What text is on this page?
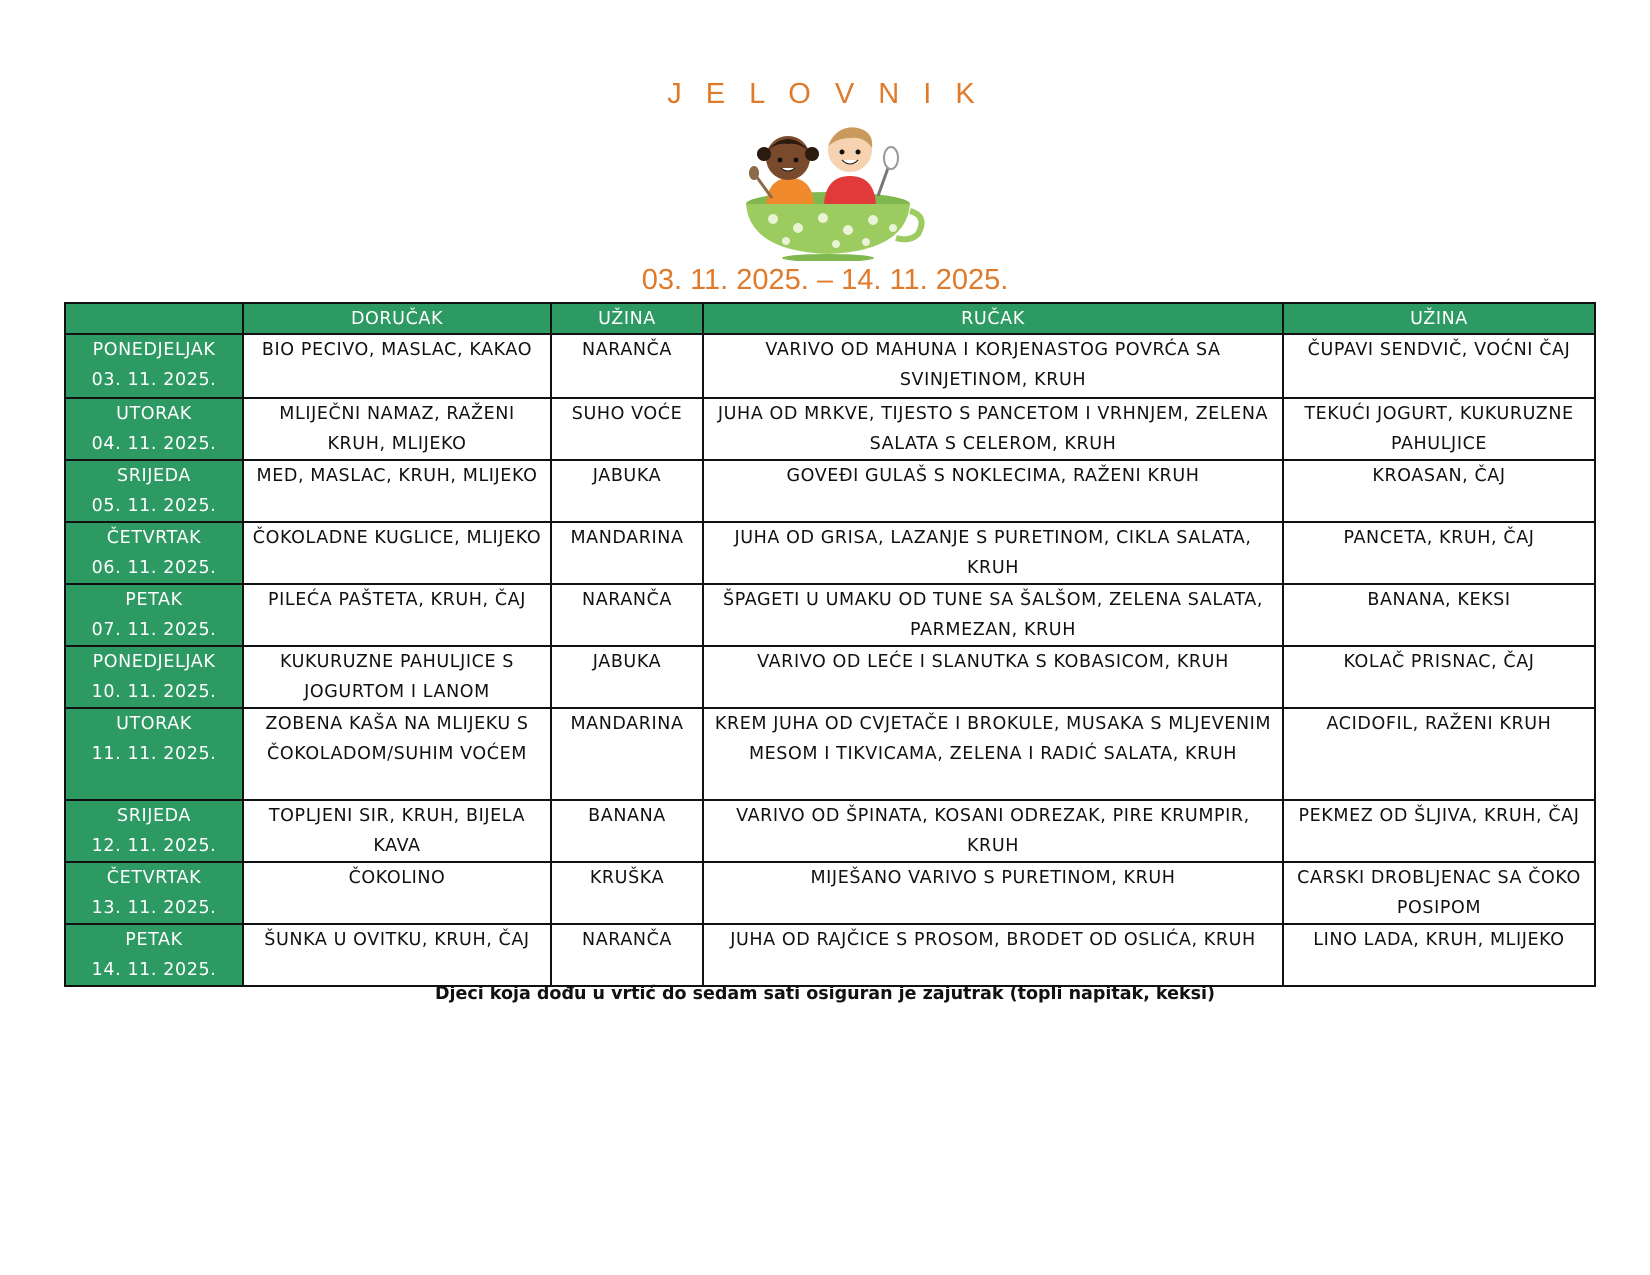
J E L O V N I K
03. 11. 2025. – 14. 11. 2025.
	DORUČAK	UŽINA	RUČAK	UŽINA

PONEDJELJAK
03. 11. 2025.	BIO PECIVO, MASLAC, KAKAO	NARANČA	VARIVO OD MAHUNA I KORJENASTOG POVRĆA SA SVINJETINOM, KRUH	ČUPAVI SENDVIČ, VOĆNI ČAJ

UTORAK
04. 11. 2025.	MLIJEČNI NAMAZ, RAŽENI KRUH, MLIJEKO	SUHO VOĆE	JUHA OD MRKVE, TIJESTO S PANCETOM I VRHNJEM, ZELENA SALATA S CELEROM, KRUH	TEKUĆI JOGURT, KUKURUZNE PAHULJICE

SRIJEDA
05. 11. 2025.	MED, MASLAC, KRUH, MLIJEKO	JABUKA	GOVEĐI GULAŠ S NOKLECIMA, RAŽENI KRUH	KROASAN, ČAJ

ČETVRTAK
06. 11. 2025.	ČOKOLADNE KUGLICE, MLIJEKO	MANDARINA	JUHA OD GRISA, LAZANJE S PURETINOM, CIKLA SALATA, KRUH	PANCETA, KRUH, ČAJ

PETAK
07. 11. 2025.	PILEĆA PAŠTETA, KRUH, ČAJ	NARANČA	ŠPAGETI U UMAKU OD TUNE SA ŠALŠOM, ZELENA SALATA, PARMEZAN, KRUH	BANANA, KEKSI

PONEDJELJAK
10. 11. 2025.	KUKURUZNE PAHULJICE S JOGURTOM I LANOM	JABUKA	VARIVO OD LEĆE I SLANUTKA S KOBASICOM, KRUH	KOLAČ PRISNAC, ČAJ

UTORAK
11. 11. 2025.	ZOBENA KAŠA NA MLIJEKU S ČOKOLADOM/SUHIM VOĆEM	MANDARINA	KREM JUHA OD CVJETAČE I BROKULE, MUSAKA S MLJEVENIM MESOM I TIKVICAMA, ZELENA I RADIĆ SALATA, KRUH	ACIDOFIL, RAŽENI KRUH

SRIJEDA
12. 11. 2025.	TOPLJENI SIR, KRUH, BIJELA KAVA	BANANA	VARIVO OD ŠPINATA, KOSANI ODREZAK, PIRE KRUMPIR, KRUH	PEKMEZ OD ŠLJIVA, KRUH, ČAJ

ČETVRTAK
13. 11. 2025.	ČOKOLINO	KRUŠKA	MIJEŠANO VARIVO S PURETINOM, KRUH	CARSKI DROBLJENAC SA ČOKO POSIPOM

PETAK
14. 11. 2025.	ŠUNKA U OVITKU, KRUH, ČAJ	NARANČA	JUHA OD RAJČICE S PROSOM, BRODET OD OSLIĆA, KRUH	LINO LADA, KRUH, MLIJEKO
Djeci koja dođu u vrtić do sedam sati osiguran je zajutrak (topli napitak, keksi)
